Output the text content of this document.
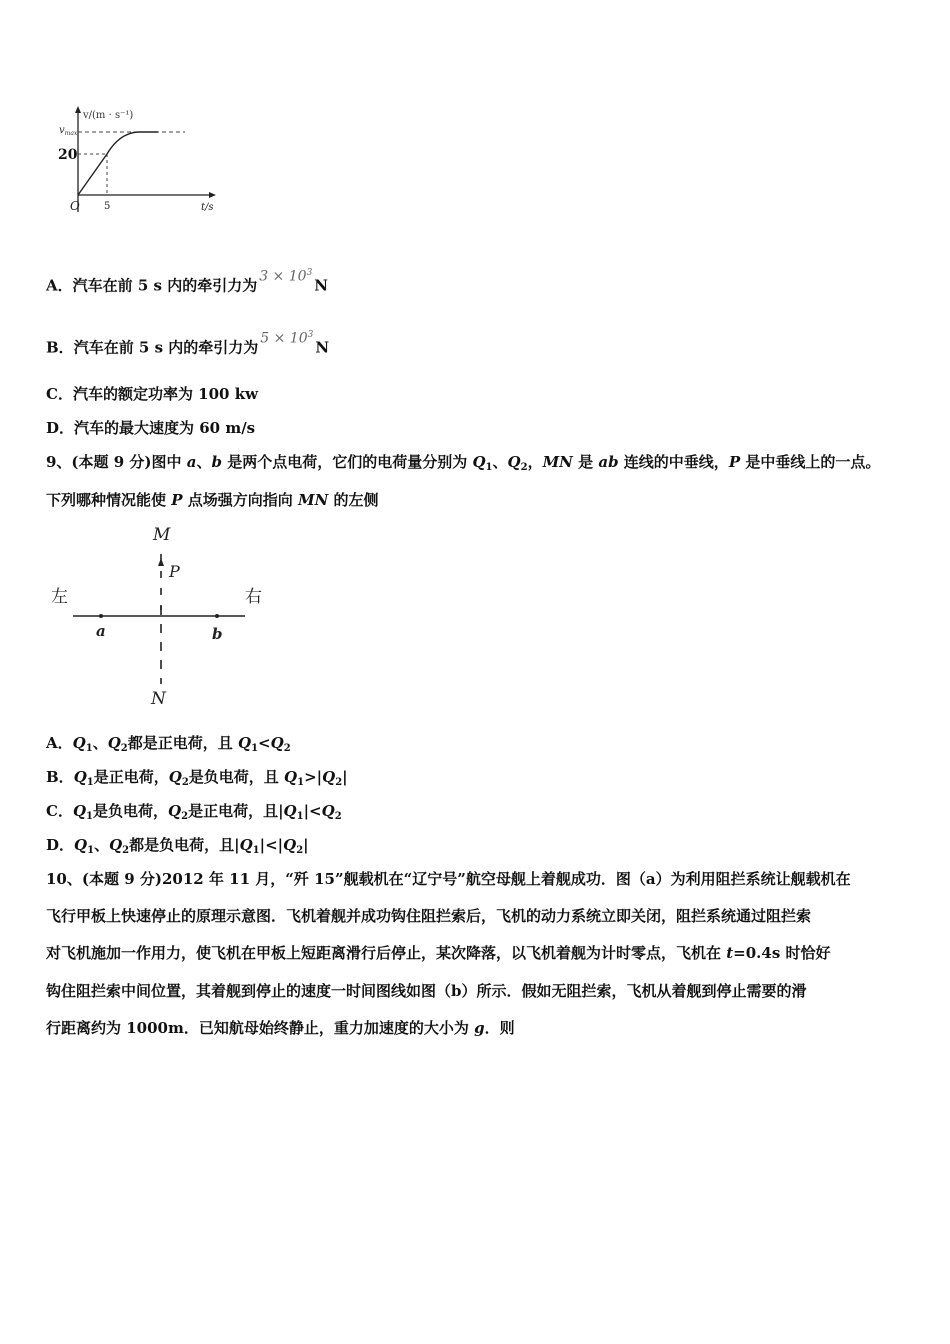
v/(m · s⁻¹)
$v_{max}$
20
O 5	t/s
A．汽车在前 5 s 内的牵引力为 $3 \times 10^3N$
B．汽车在前 5 s 内的牵引力为 $5 \times 10^3N$
C．汽车的额定功率为 100 kw
D．汽车的最大速度为 60 m/s
9、(本题 9 分)图中 a、b 是两个点电荷，它们的电荷量分别为 $Q_1$、$Q_2$，MN 是 ab 连线的中垂线，P 是中垂线上的一点。
下列哪种情况能使 P 点场强方向指向 MN 的左侧
M
P
左	右
a	b
N
A．$Q_1$、$Q_2$都是正电荷，且 $Q_1<Q_2$
B．$Q_1$是正电荷，$Q_2$是负电荷，且 $Q_1>|Q_2|$
C．$Q_1$是负电荷，$Q_2$是正电荷，且$|Q_1|<Q_2$
D．$Q_1$、$Q_2$都是负电荷，且$|Q_1|<|Q_2|$
10、(本题 9 分)2012 年 11 月，“歼 15”舰载机在“辽宁号”航空母舰上着舰成功．图（a）为利用阻拦系统让舰载机在
飞行甲板上快速停止的原理示意图．飞机着舰并成功钩住阻拦索后，飞机的动力系统立即关闭，阻拦系统通过阻拦索
对飞机施加一作用力，使飞机在甲板上短距离滑行后停止，某次降落，以飞机着舰为计时零点，飞机在 t=0.4s 时恰好
钩住阻拦索中间位置，其着舰到停止的速度一时间图线如图（b）所示．假如无阻拦索，飞机从着舰到停止需要的滑
行距离约为 1000m．已知航母始终静止，重力加速度的大小为 g．则
